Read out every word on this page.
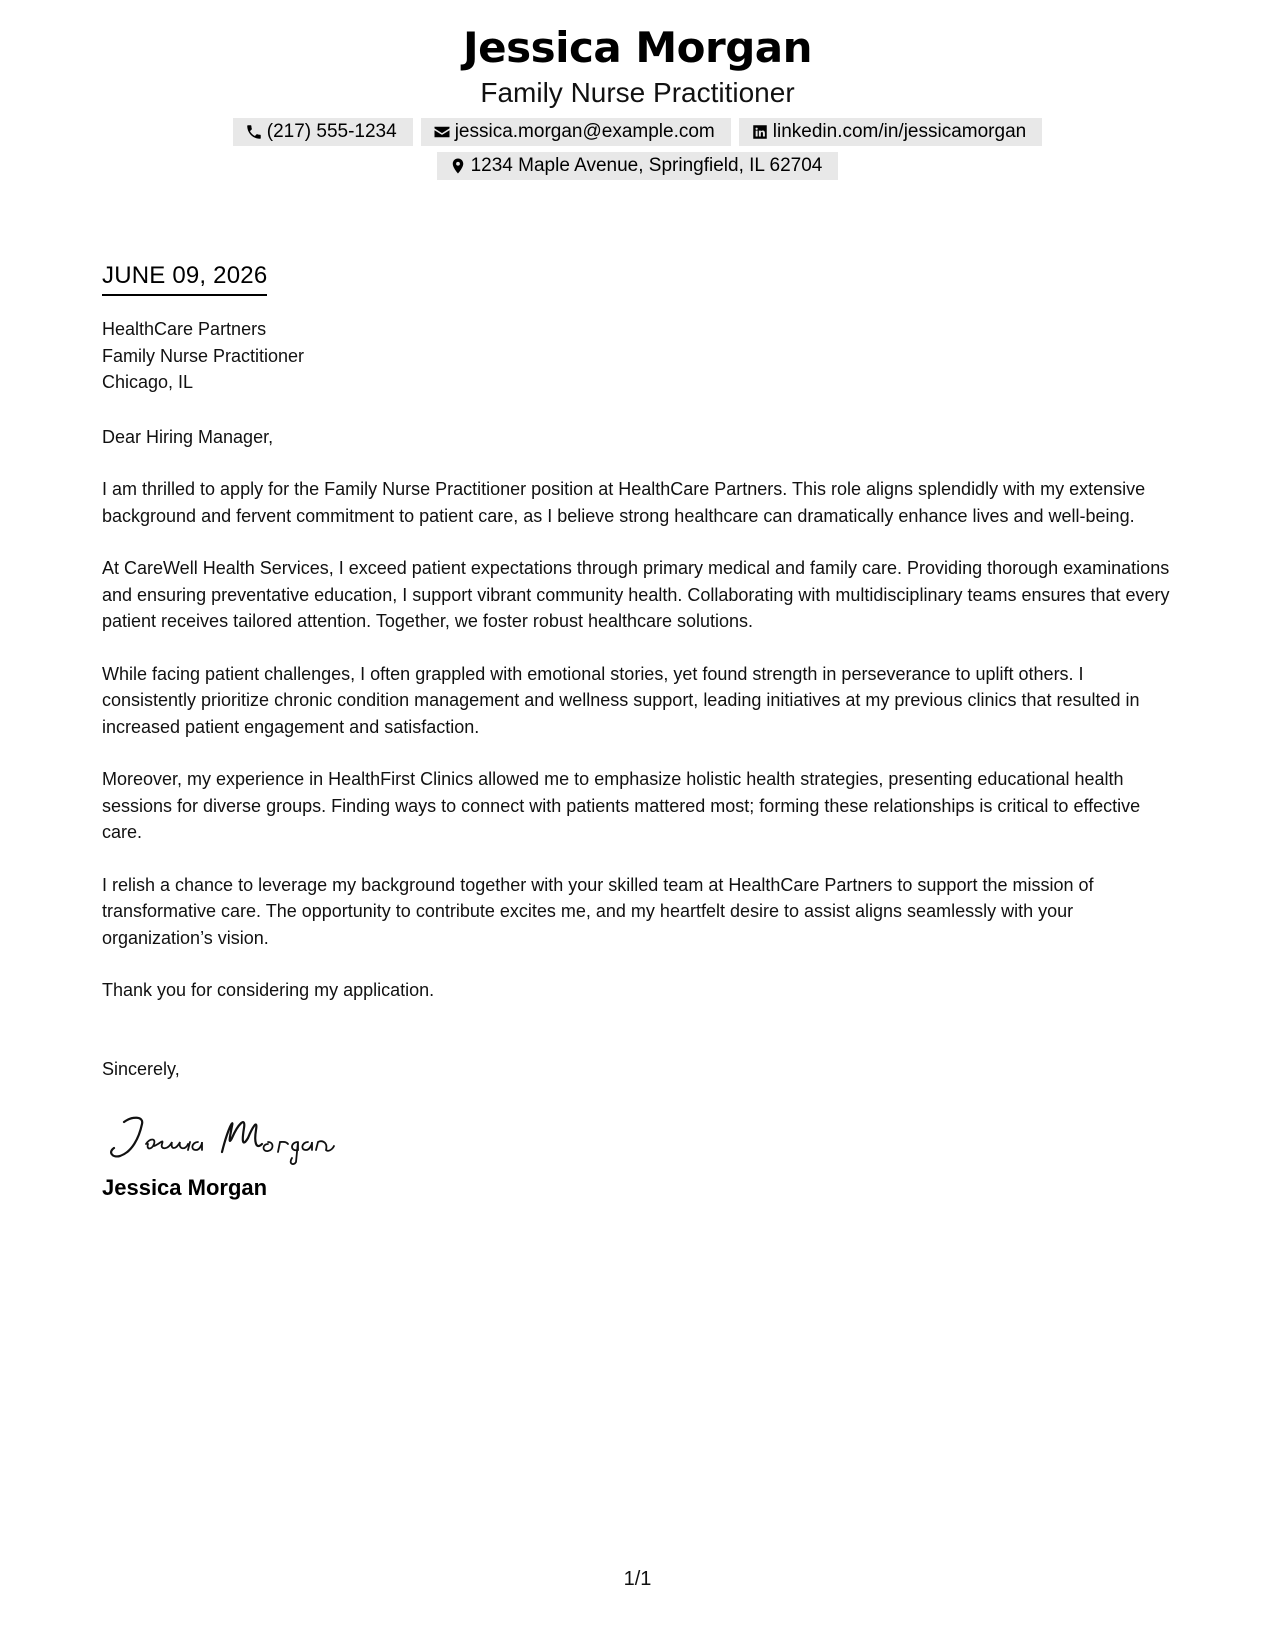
Jessica Morgan
Family Nurse Practitioner
(217) 555-1234	jessica.morgan@example.com	linkedin.com/in/jessicamorgan
1234 Maple Avenue, Springfield, IL 62704
JUNE 09, 2026
HealthCare Partners
Family Nurse Practitioner
Chicago, IL
Dear Hiring Manager,
I am thrilled to apply for the Family Nurse Practitioner position at HealthCare Partners. This role aligns splendidly with my extensive background and fervent commitment to patient care, as I believe strong healthcare can dramatically enhance lives and well-being.
At CareWell Health Services, I exceed patient expectations through primary medical and family care. Providing thorough examinations and ensuring preventative education, I support vibrant community health. Collaborating with multidisciplinary teams ensures that every patient receives tailored attention. Together, we foster robust healthcare solutions.
While facing patient challenges, I often grappled with emotional stories, yet found strength in perseverance to uplift others. I consistently prioritize chronic condition management and wellness support, leading initiatives at my previous clinics that resulted in increased patient engagement and satisfaction.
Moreover, my experience in HealthFirst Clinics allowed me to emphasize holistic health strategies, presenting educational health sessions for diverse groups. Finding ways to connect with patients mattered most; forming these relationships is critical to effective care.
I relish a chance to leverage my background together with your skilled team at HealthCare Partners to support the mission of transformative care. The opportunity to contribute excites me, and my heartfelt desire to assist aligns seamlessly with your organization’s vision.
Thank you for considering my application.
Sincerely,
Jessica Morgan
1/1
